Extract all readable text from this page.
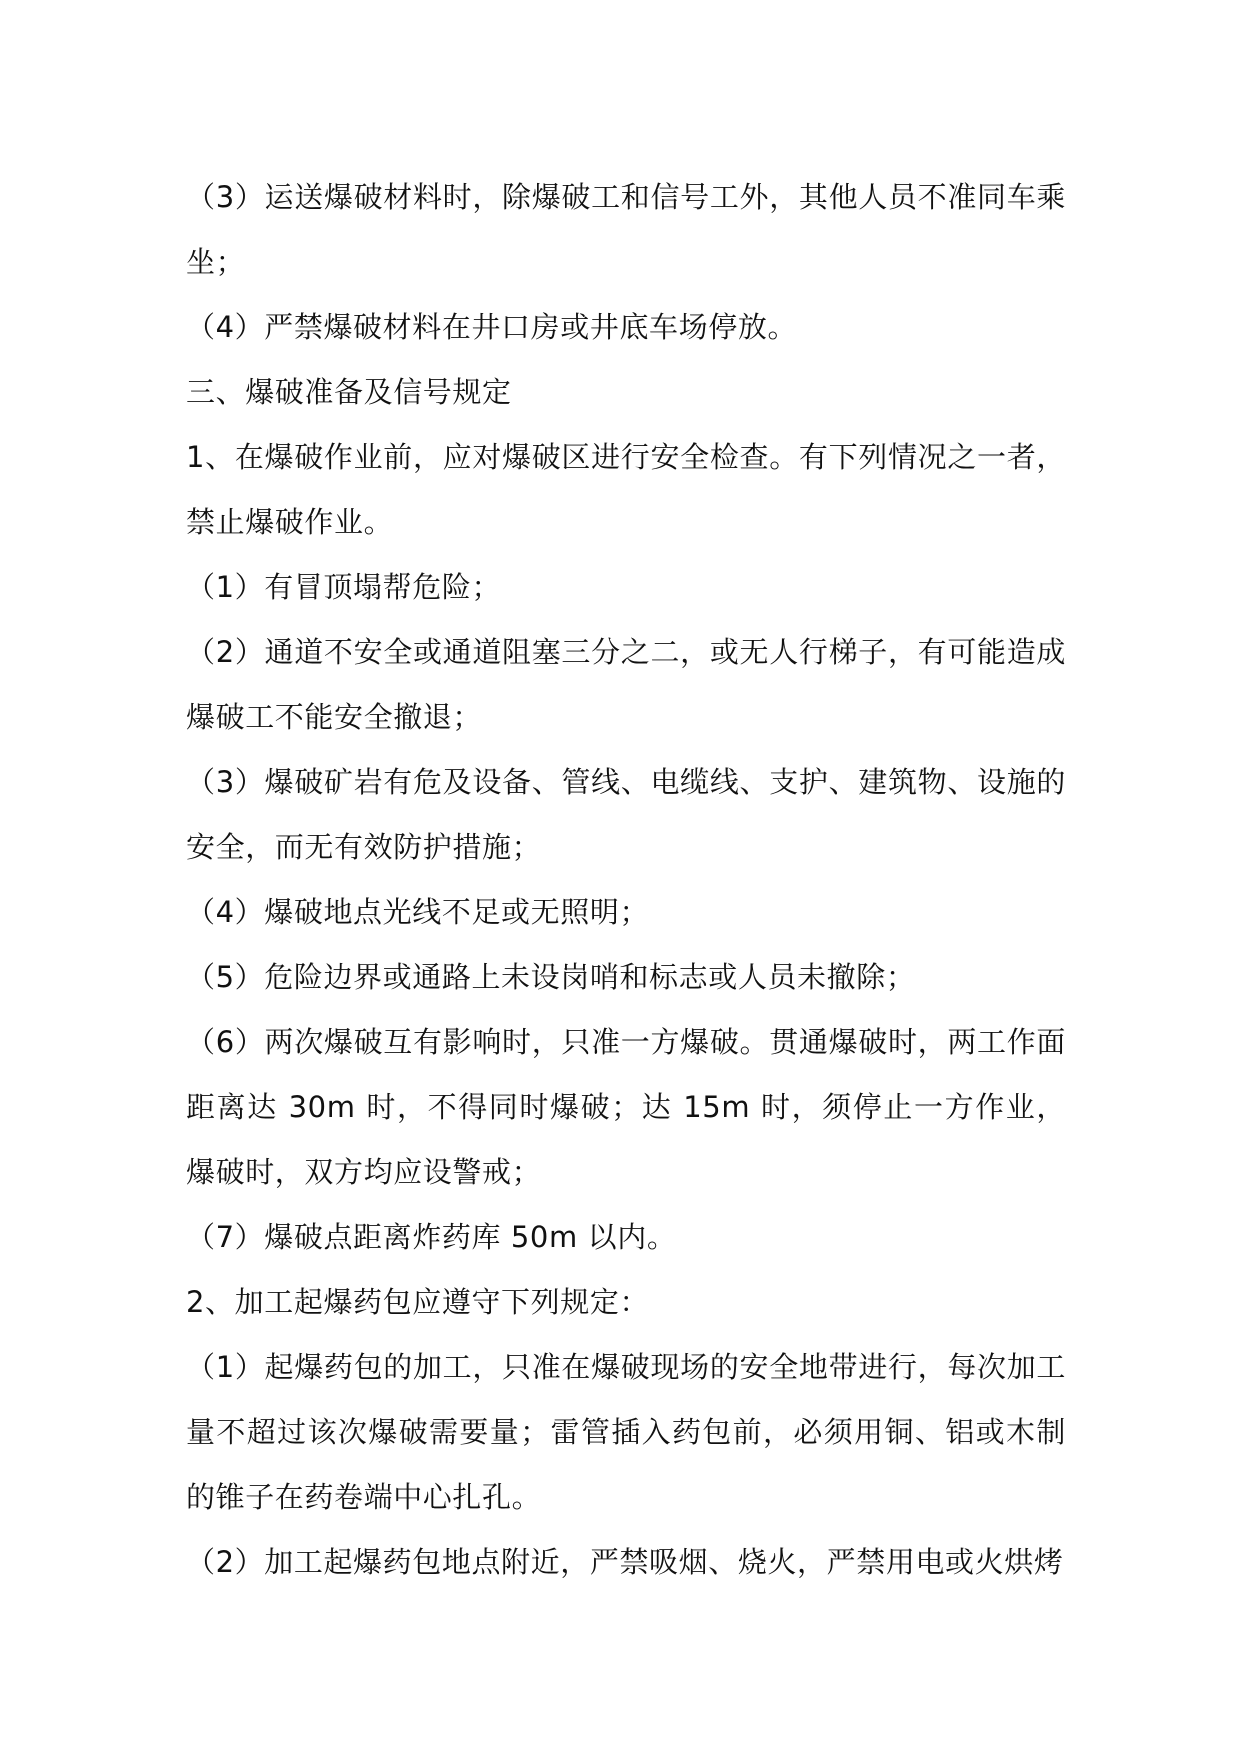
（3）运送爆破材料时，除爆破工和信号工外，其他人员不准同车乘坐；

（4）严禁爆破材料在井口房或井底车场停放。

三、爆破准备及信号规定

1、在爆破作业前，应对爆破区进行安全检查。有下列情况之一者，禁止爆破作业。

（1）有冒顶塌帮危险；

（2）通道不安全或通道阻塞三分之二，或无人行梯子，有可能造成爆破工不能安全撤退；

（3）爆破矿岩有危及设备、管线、电缆线、支护、建筑物、设施的安全，而无有效防护措施；

（4）爆破地点光线不足或无照明；

（5）危险边界或通路上未设岗哨和标志或人员未撤除；

（6）两次爆破互有影响时，只准一方爆破。贯通爆破时，两工作面距离达 30m 时，不得同时爆破；达 15m 时，须停止一方作业，爆破时，双方均应设警戒；

（7）爆破点距离炸药库 50m 以内。

2、加工起爆药包应遵守下列规定：

（1）起爆药包的加工，只准在爆破现场的安全地带进行，每次加工量不超过该次爆破需要量；雷管插入药包前，必须用铜、铝或木制的锥子在药卷端中心扎孔。

（2）加工起爆药包地点附近，严禁吸烟、烧火，严禁用电或火烘烤
